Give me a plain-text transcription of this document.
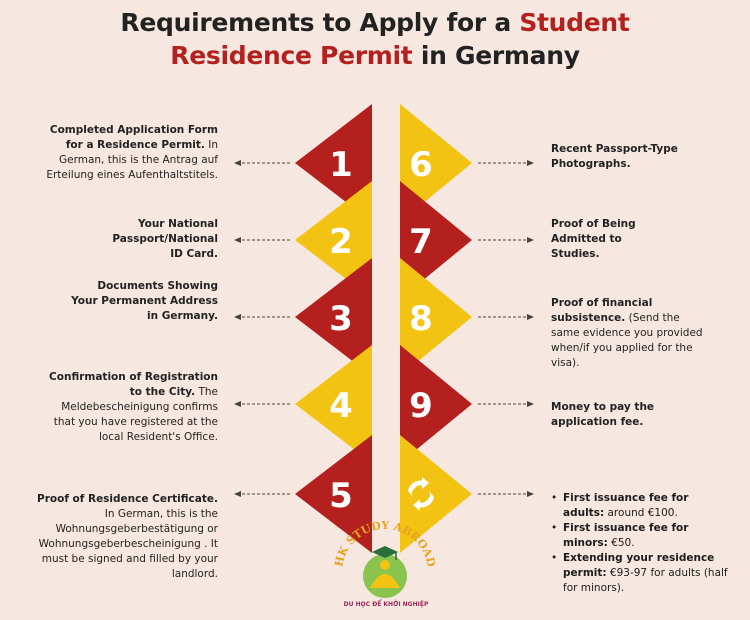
Requirements to Apply for a Student
Residence Permit in Germany
1
2
3
4
5
6
7
8
9
Completed Application Form for a Residence Permit. In German, this is the Antrag auf Erteilung eines Aufenthaltstitels.
Your National Passport/National ID Card.
Documents Showing Your Permanent Address in Germany.
Confirmation of Registration to the City. The Meldebescheinigung confirms that you have registered at the local Resident's Office.
Proof of Residence Certificate. In German, this is the Wohnungsgeberbestätigung or Wohnungsgeberbescheinigung . It must be signed and filled by your landlord.
Recent Passport-Type Photographs.
Proof of Being Admitted to Studies.
Proof of financial subsistence. (Send the same evidence you provided when/if you applied for the visa).
Money to pay the application fee.
• First issuance fee for adults: around €100.
• First issuance fee for minors: €50.
• Extending your residence permit: €93-97 for adults (half for minors).
HK STUDY ABROAD
DU HỌC ĐỂ KHỞI NGHIỆP
